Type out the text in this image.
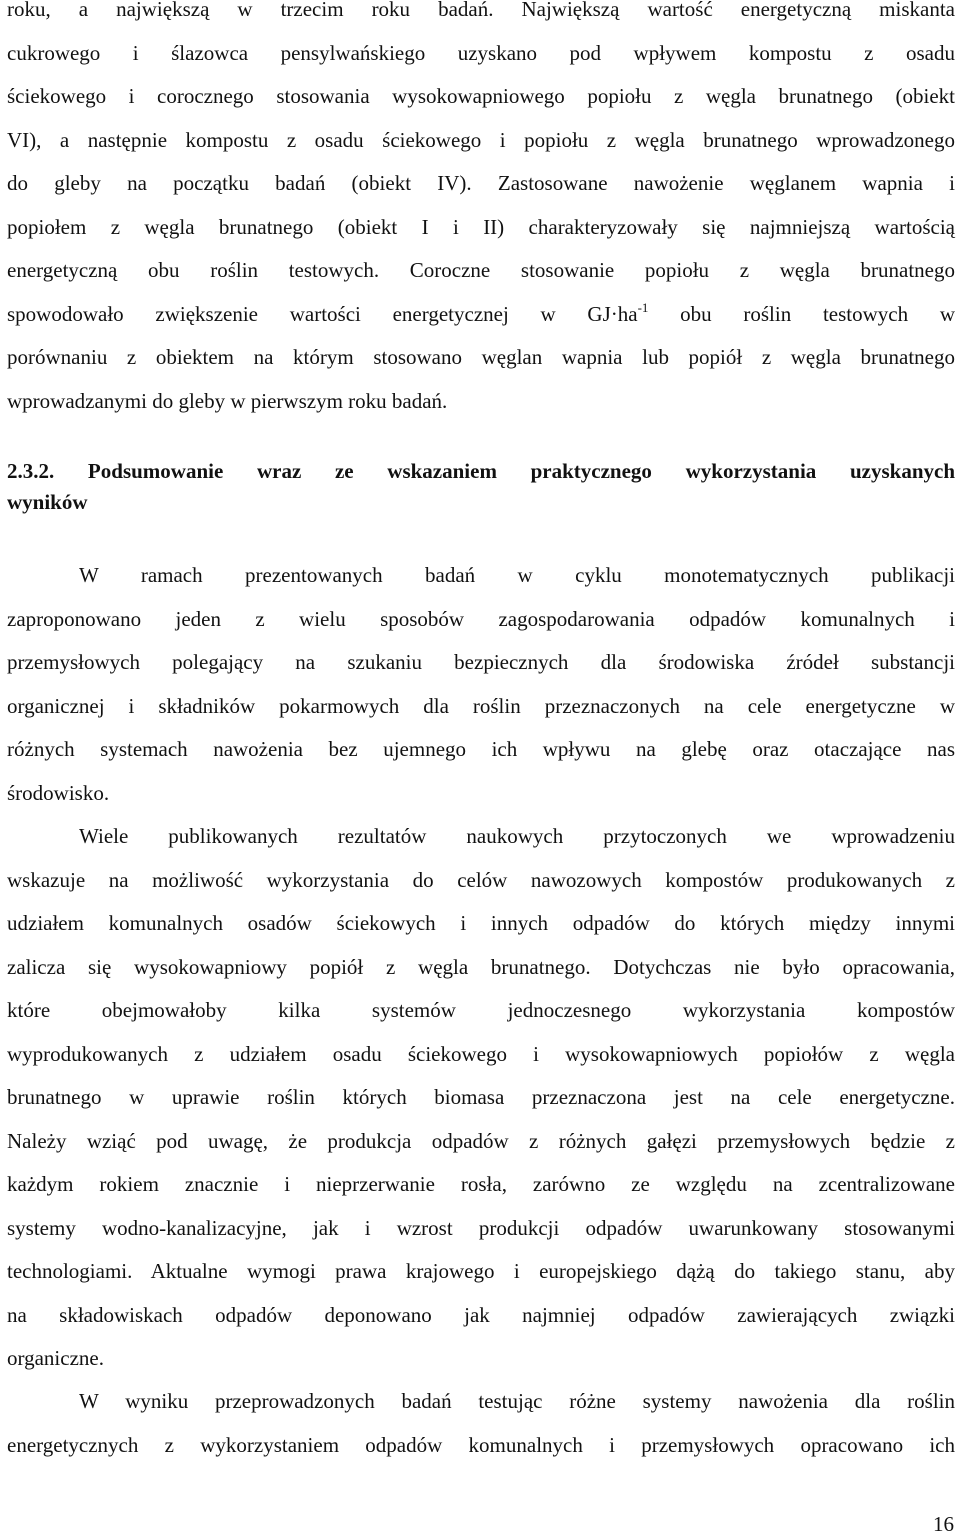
roku, a największą w trzecim roku badań. Największą wartość energetyczną miskanta

cukrowego i ślazowca pensylwańskiego uzyskano pod wpływem kompostu z osadu

ściekowego i corocznego stosowania wysokowapniowego popiołu z węgla brunatnego (obiekt

VI), a następnie kompostu z osadu ściekowego i popiołu z węgla brunatnego wprowadzonego

do gleby na początku badań (obiekt IV). Zastosowane nawożenie węglanem wapnia i

popiołem z węgla brunatnego (obiekt I i II) charakteryzowały się najmniejszą wartością

energetyczną obu roślin testowych. Coroczne stosowanie popiołu z węgla brunatnego

spowodowało zwiększenie wartości energetycznej w $GJ\cdot ha^{-1}$ obu roślin testowych w

porównaniu z obiektem na którym stosowano węglan wapnia lub popiół z węgla brunatnego

wprowadzanymi do gleby w pierwszym roku badań.

2.3.2. Podsumowanie wraz ze wskazaniem praktycznego wykorzystania uzyskanych

wyników

W ramach prezentowanych badań w cyklu monotematycznych publikacji

zaproponowano jeden z wielu sposobów zagospodarowania odpadów komunalnych i

przemysłowych polegający na szukaniu bezpiecznych dla środowiska źródeł substancji

organicznej i składników pokarmowych dla roślin przeznaczonych na cele energetyczne w

różnych systemach nawożenia bez ujemnego ich wpływu na glebę oraz otaczające nas

środowisko.

Wiele publikowanych rezultatów naukowych przytoczonych we wprowadzeniu

wskazuje na możliwość wykorzystania do celów nawozowych kompostów produkowanych z

udziałem komunalnych osadów ściekowych i innych odpadów do których między innymi

zalicza się wysokowapniowy popiół z węgla brunatnego. Dotychczas nie było opracowania,

które obejmowałoby kilka systemów jednoczesnego wykorzystania kompostów

wyprodukowanych z udziałem osadu ściekowego i wysokowapniowych popiołów z węgla

brunatnego w uprawie roślin których biomasa przeznaczona jest na cele energetyczne.

Należy wziąć pod uwagę, że produkcja odpadów z różnych gałęzi przemysłowych będzie z

każdym rokiem znacznie i nieprzerwanie rosła, zarówno ze względu na zcentralizowane

systemy wodno-kanalizacyjne, jak i wzrost produkcji odpadów uwarunkowany stosowanymi

technologiami. Aktualne wymogi prawa krajowego i europejskiego dążą do takiego stanu, aby

na składowiskach odpadów deponowano jak najmniej odpadów zawierających związki

organiczne.

W wyniku przeprowadzonych badań testując różne systemy nawożenia dla roślin

energetycznych z wykorzystaniem odpadów komunalnych i przemysłowych opracowano ich

16
